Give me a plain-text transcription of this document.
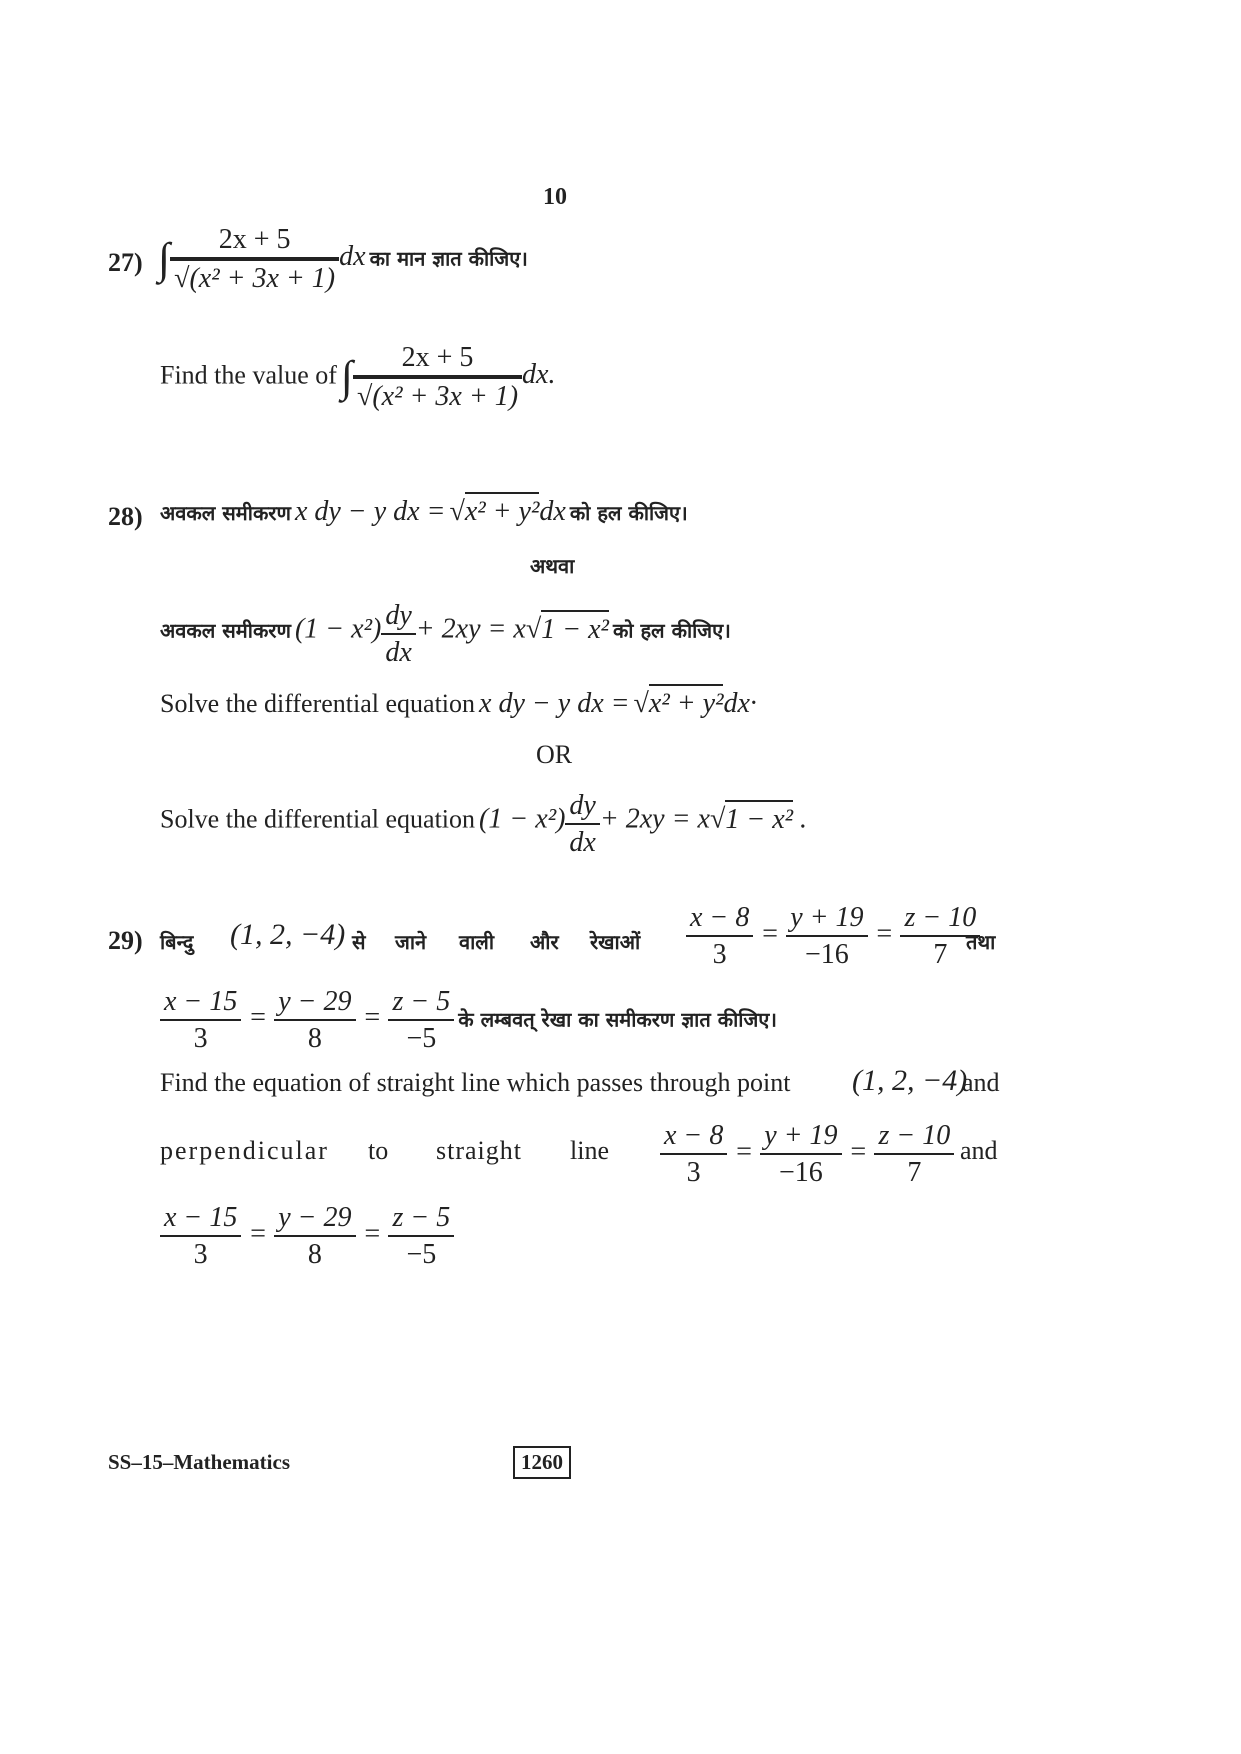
10
27) ∫ $\frac{2x + 5}{\text{√(x² + 3x + 1)}}$ dx का मान ज्ञात कीजिए।
Find the value of ∫ $\frac{2x + 5}{\text{√(x² + 3x + 1)}}$ dx.
28) अवकल समीकरण x dy − y dx = √x² + y²dx को हल कीजिए।
अथवा
अवकल समीकरण $(1 - x^2) \frac{dy}{dx} + 2xy = x√1 - x^2$ को हल कीजिए।
Solve the differential equation x dy − y dx = √x² + y²dx·
OR
Solve the differential equation $(1 - x^2) \frac{dy}{dx} + 2xy = x√1 - x^2$ .
29) बिन्दु (1, 2, −4) से जाने वाली और रेखाओं $\frac{x - 8}{3} = \frac{y + 19}{-16} = \frac{z - 10}{7}$
तथा
$\frac{x - 15}{3} = \frac{y - 29}{8} = \frac{z - 5}{-5}$ के लम्बवत् रेखा का समीकरण ज्ञात कीजिए।
Find the equation of straight line which passes through point (1, 2, −4)
and
perpendicular to straight line $\frac{x - 8}{3} = \frac{y + 19}{-16} = \frac{z - 10}{7}$ and
$\frac{x - 15}{3} = \frac{y - 29}{8} = \frac{z - 5}{-5}$
SS–15–Mathematics	1260
